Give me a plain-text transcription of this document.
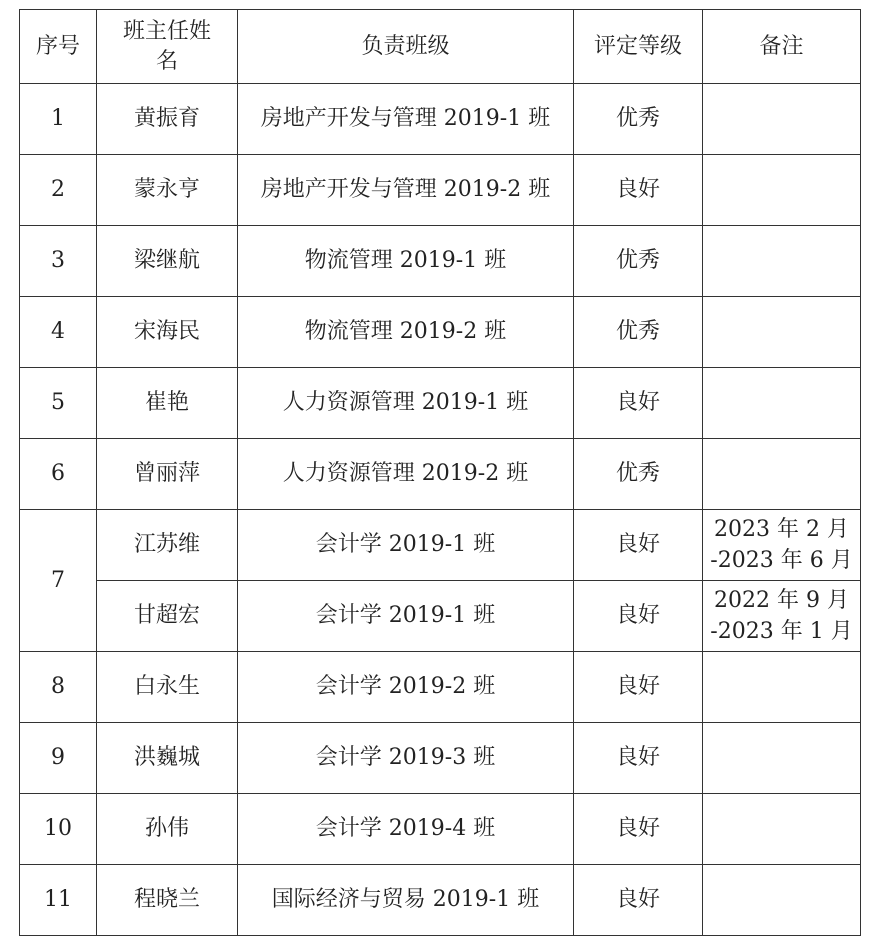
序号	班主任姓名	负责班级	评定等级	备注
1	黄振育	房地产开发与管理 2019-1 班	优秀	
2	蒙永亨	房地产开发与管理 2019-2 班	良好	
3	梁继航	物流管理 2019-1 班	优秀	
4	宋海民	物流管理 2019-2 班	优秀	
5	崔艳	人力资源管理 2019-1 班	良好	
6	曾丽萍	人力资源管理 2019-2 班	优秀	
7	江苏维	会计学 2019-1 班	良好	2023 年 2 月
-2023 年 6 月

	甘超宏	会计学 2019-1 班	良好	2022 年 9 月
-2023 年 1 月

8	白永生	会计学 2019-2 班	良好	
9	洪巍城	会计学 2019-3 班	良好	
10	孙伟	会计学 2019-4 班	良好	
11	程晓兰	国际经济与贸易 2019-1 班	良好	
